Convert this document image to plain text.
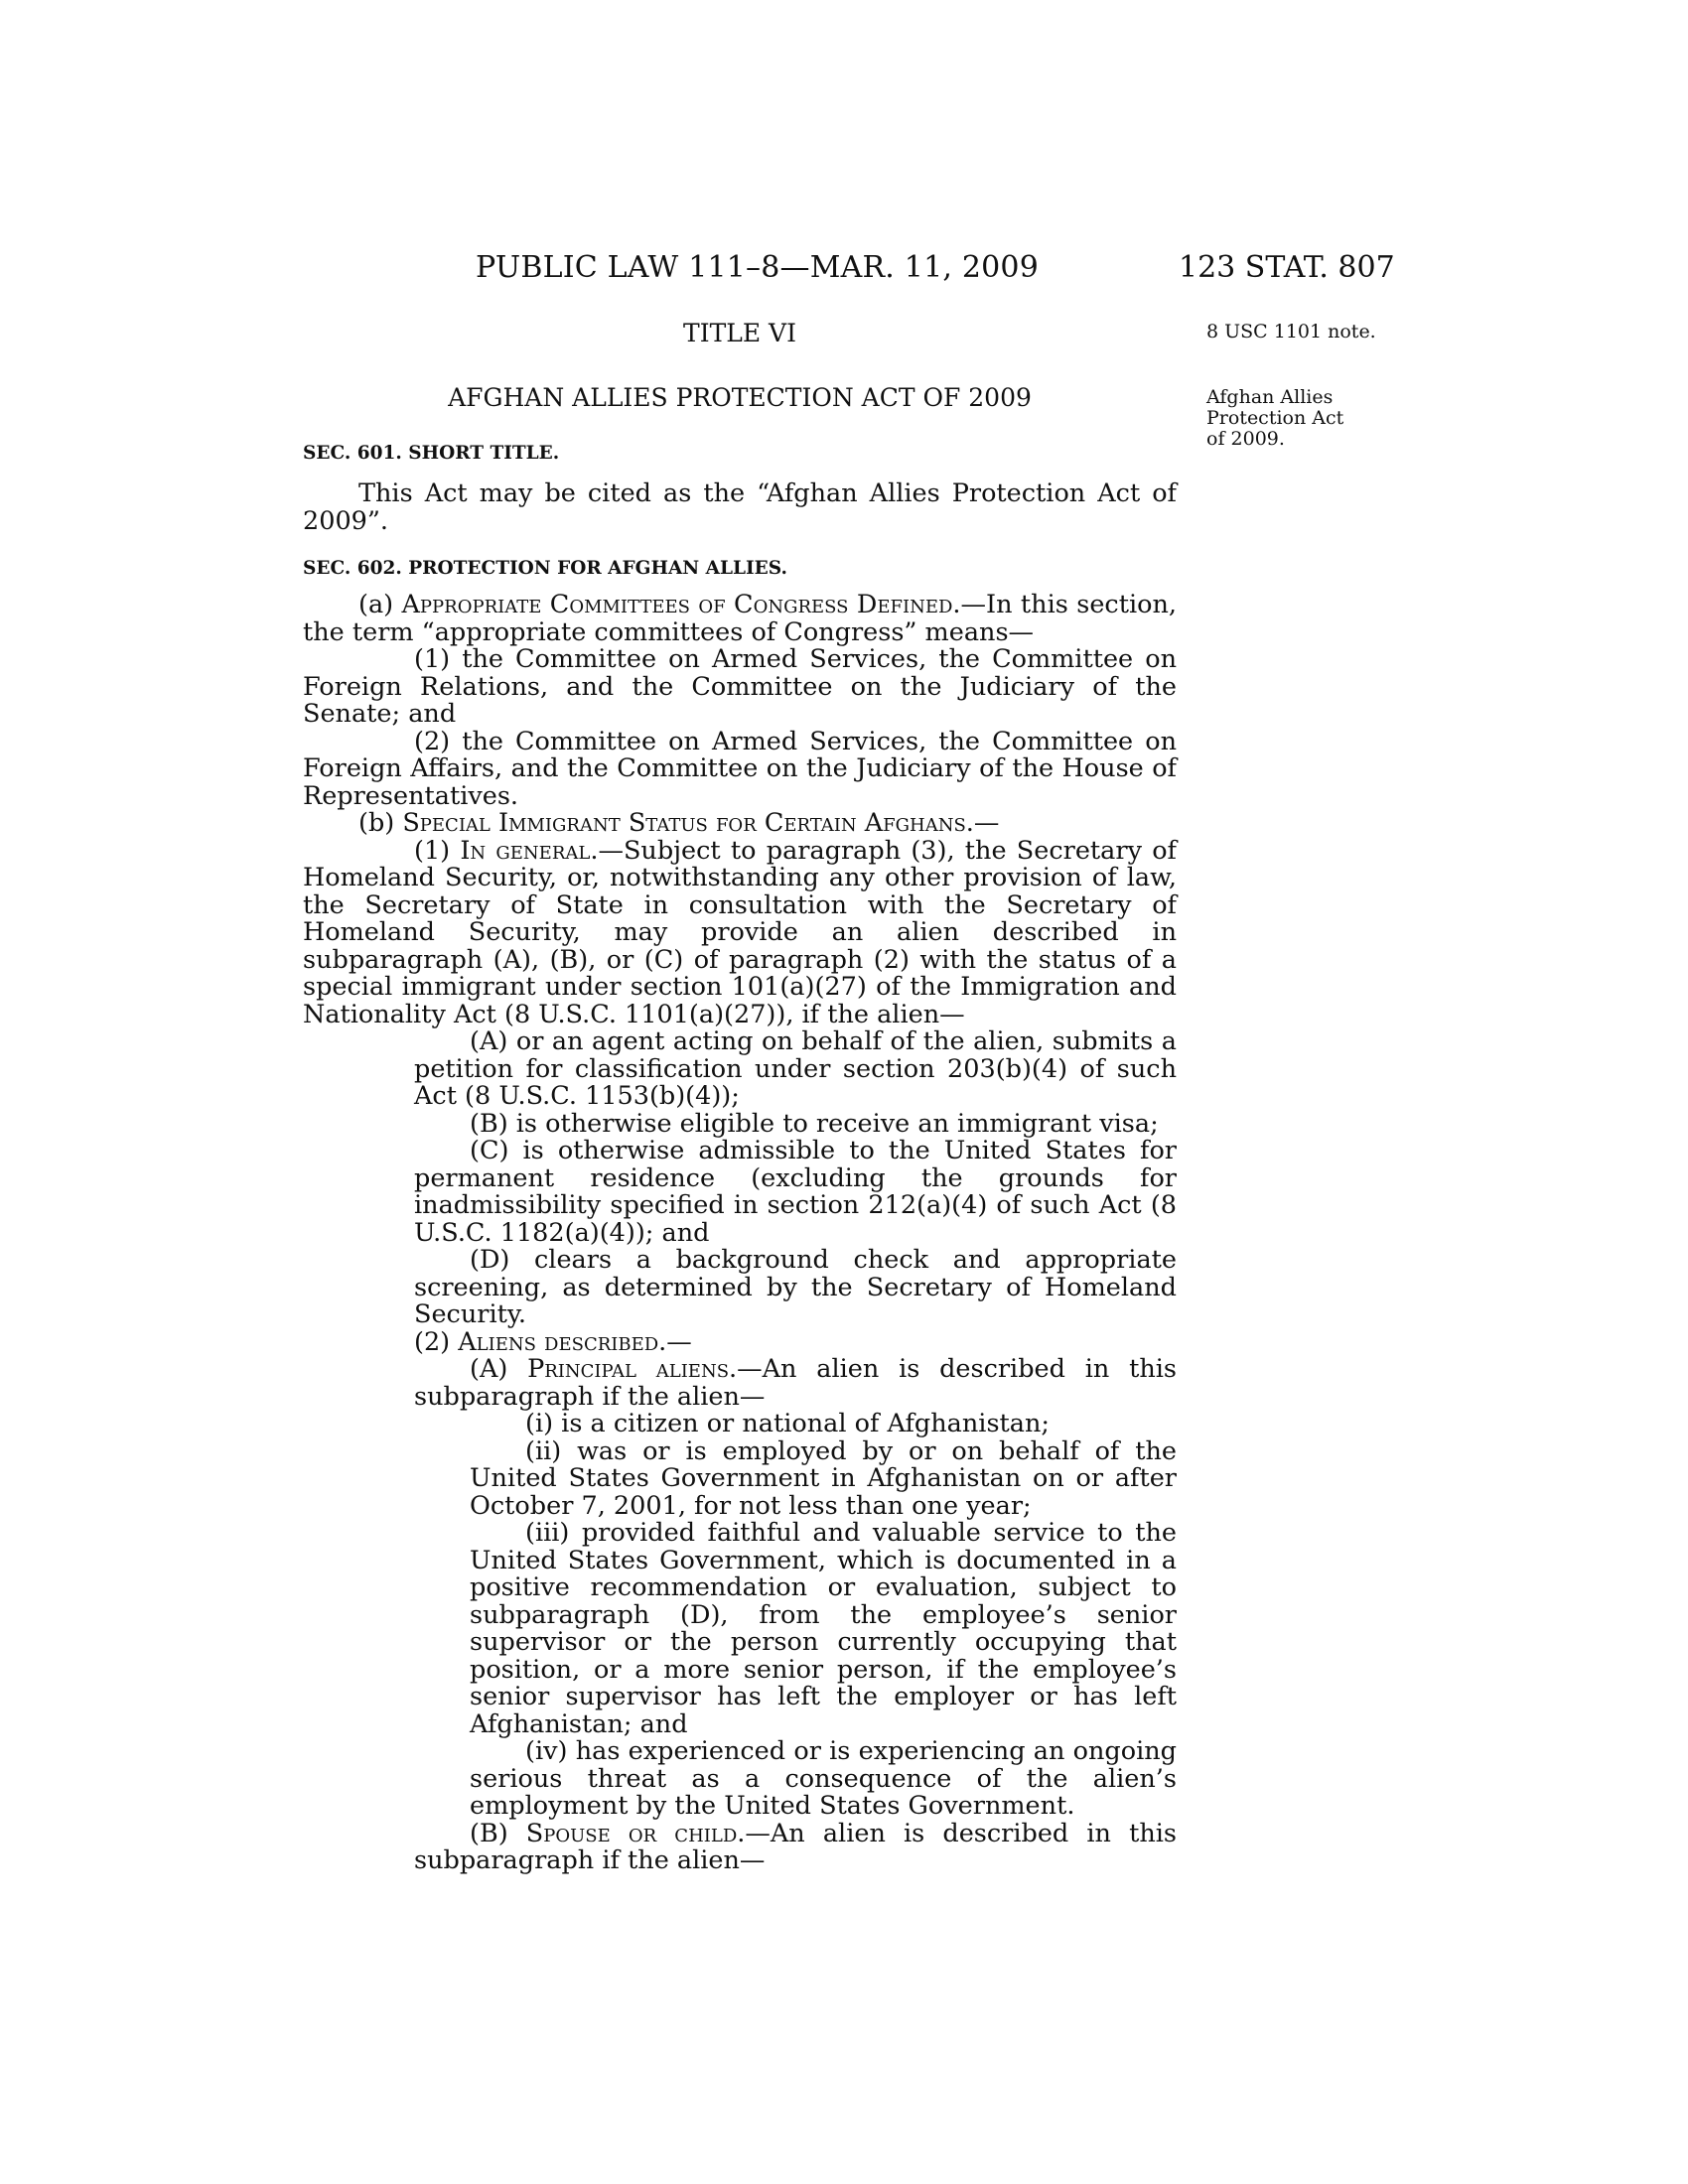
PUBLIC LAW 111–8—MAR. 11, 2009	123 STAT. 807
8 USC 1101 note.
Afghan Allies Protection Act of 2009.
TITLE VI
AFGHAN ALLIES PROTECTION ACT OF 2009
SEC. 601. SHORT TITLE.

This Act may be cited as the “Afghan Allies Protection Act of 2009”.

SEC. 602. PROTECTION FOR AFGHAN ALLIES.

(a) Appropriate Committees of Congress Defined.—In this section, the term “appropriate committees of Congress” means—

(1) the Committee on Armed Services, the Committee on Foreign Relations, and the Committee on the Judiciary of the Senate; and

(2) the Committee on Armed Services, the Committee on Foreign Affairs, and the Committee on the Judiciary of the House of Representatives.

(b) Special Immigrant Status for Certain Afghans.—

(1) In general.—Subject to paragraph (3), the Secretary of Homeland Security, or, notwithstanding any other provision of law, the Secretary of State in consultation with the Secretary of Homeland Security, may provide an alien described in subparagraph (A), (B), or (C) of paragraph (2) with the status of a special immigrant under section 101(a)(27) of the Immigration and Nationality Act (8 U.S.C. 1101(a)(27)), if the alien—

(A) or an agent acting on behalf of the alien, submits a petition for classification under section 203(b)(4) of such Act (8 U.S.C. 1153(b)(4));

(B) is otherwise eligible to receive an immigrant visa;

(C) is otherwise admissible to the United States for permanent residence (excluding the grounds for inadmissibility specified in section 212(a)(4) of such Act (8 U.S.C. 1182(a)(4)); and

(D) clears a background check and appropriate screening, as determined by the Secretary of Homeland Security.

(2) Aliens described.—

(A) Principal aliens.—An alien is described in this subparagraph if the alien—

(i) is a citizen or national of Afghanistan;

(ii) was or is employed by or on behalf of the United States Government in Afghanistan on or after October 7, 2001, for not less than one year;

(iii) provided faithful and valuable service to the United States Government, which is documented in a positive recommendation or evaluation, subject to subparagraph (D), from the employee’s senior supervisor or the person currently occupying that position, or a more senior person, if the employee’s senior supervisor has left the employer or has left Afghanistan; and

(iv) has experienced or is experiencing an ongoing serious threat as a consequence of the alien’s employment by the United States Government.

(B) Spouse or child.—An alien is described in this subparagraph if the alien—
